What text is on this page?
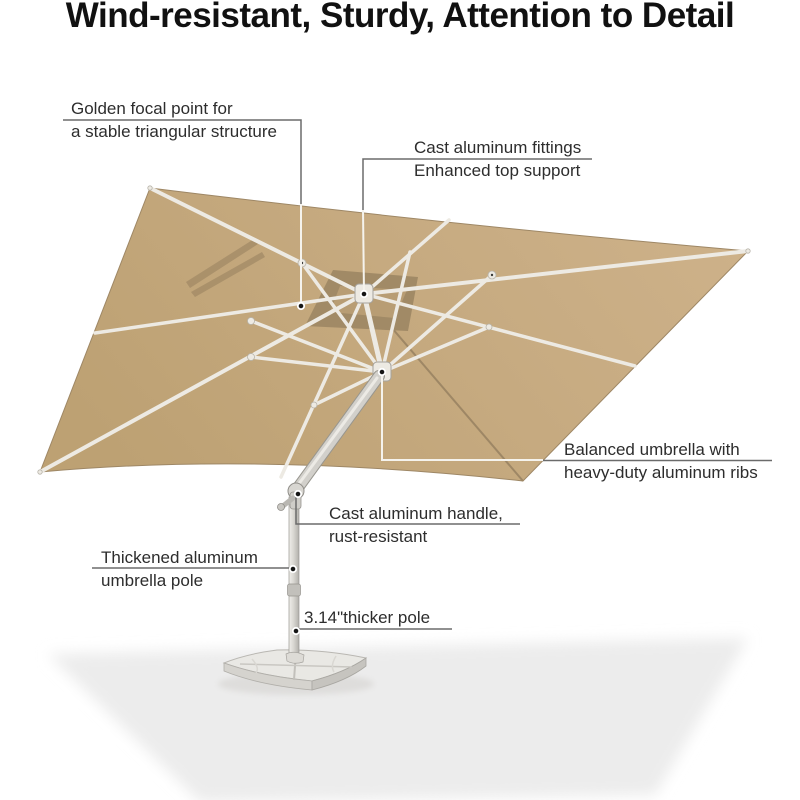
Wind-resistant, Sturdy, Attention to Detail
Golden focal point for
a stable triangular structure
Cast aluminum fittings
Enhanced top support
Balanced umbrella with
heavy-duty aluminum ribs
Cast aluminum handle,
rust-resistant
Thickened aluminum
umbrella pole
3.14"thicker pole
